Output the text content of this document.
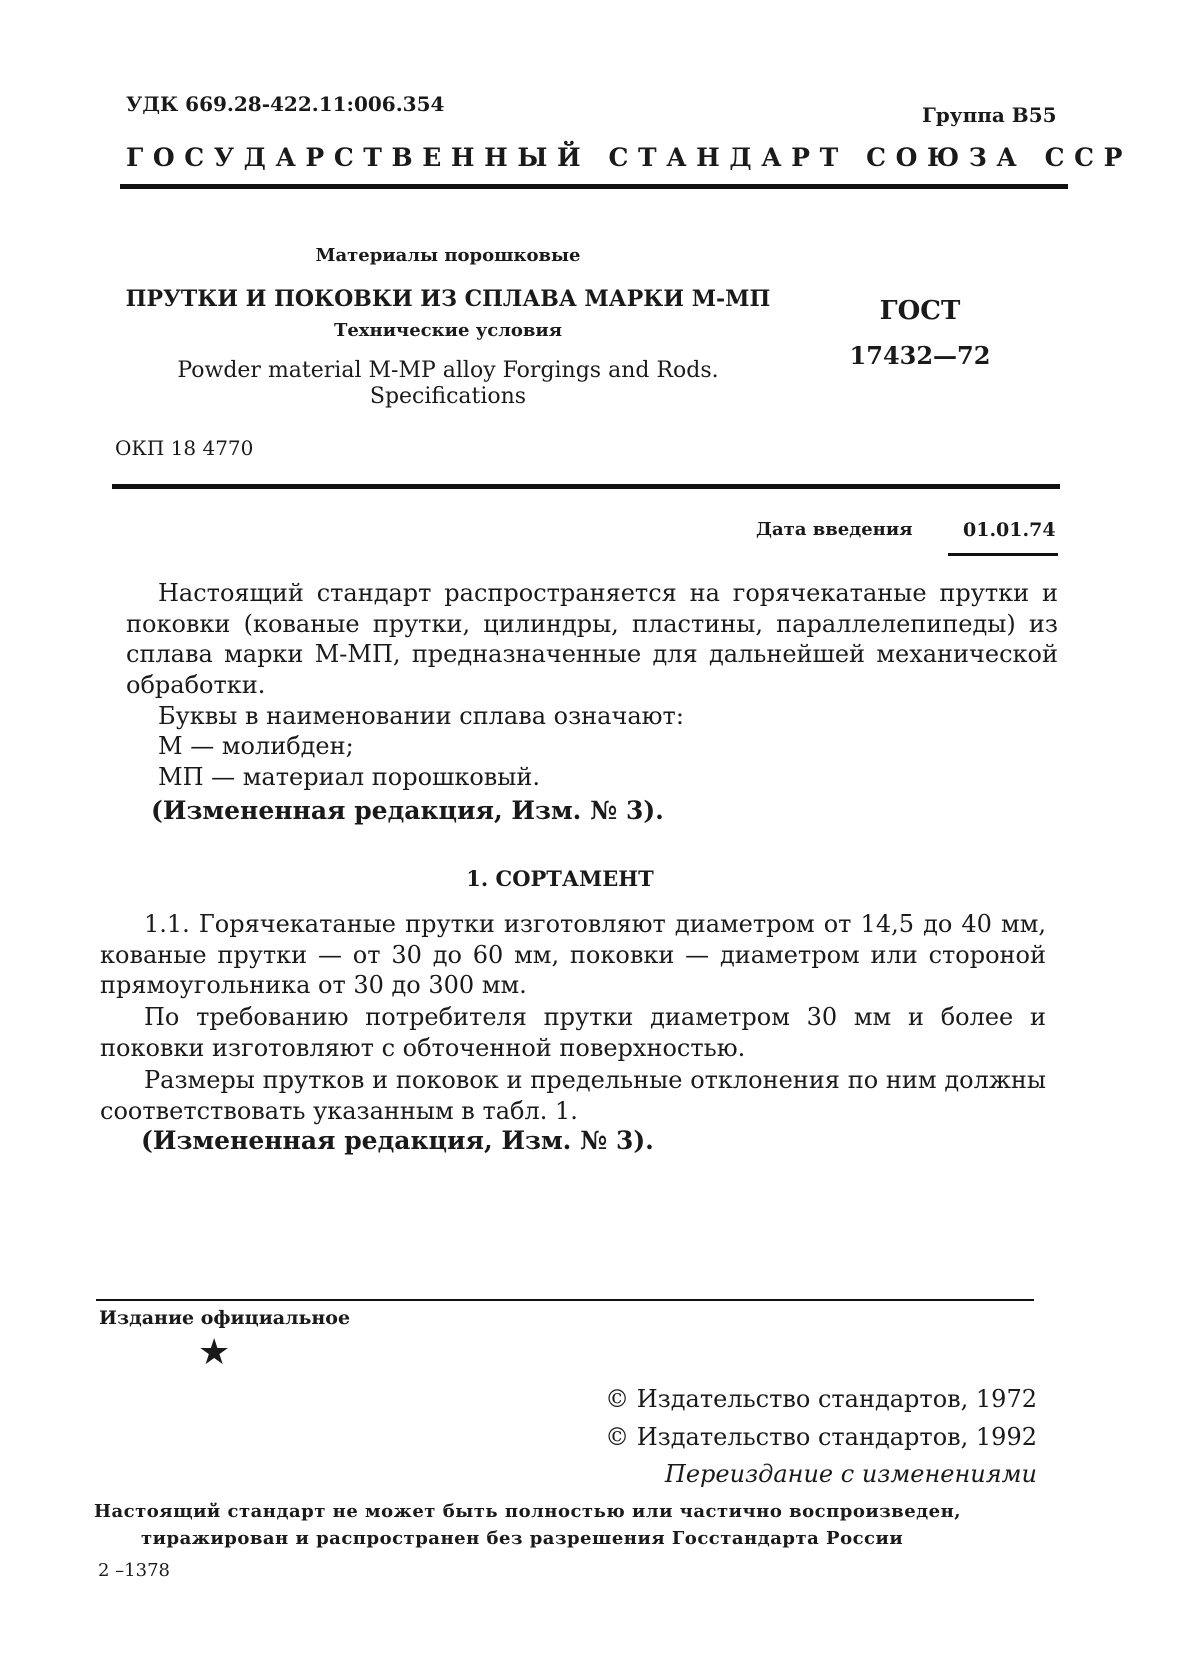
УДК 669.28-422.11:006.354	Группа В55
ГОСУДАРСТВЕННЫЙ СТАНДАРТ СОЮЗА ССР
Материалы порошковые
ПРУТКИ И ПОКОВКИ ИЗ СПЛАВА МАРКИ М-МП
Технические условия
Powder material M-MP alloy Forgings and Rods.
Specifications
ГОСТ
17432—72
ОКП 18 4770
Дата введения	01.01.74
Настоящий стандарт распространяется на горячекатаные прутки и поковки (кованые прутки, цилиндры, пластины, параллелепипеды) из сплава марки М-МП, предназначенные для дальнейшей механической обработки.
Буквы в наименовании сплава означают:
М — молибден;
МП — материал порошковый.
(Измененная редакция, Изм. № 3).
1. СОРТАМЕНТ
1.1. Горячекатаные прутки изготовляют диаметром от 14,5 до 40 мм, кованые прутки — от 30 до 60 мм, поковки — диаметром или стороной прямоугольника от 30 до 300 мм.
По требованию потребителя прутки диаметром 30 мм и более и поковки изготовляют с обточенной поверхностью.
Размеры прутков и поковок и предельные отклонения по ним должны соответствовать указанным в табл. 1.
(Измененная редакция, Изм. № 3).
Издание официальное
★
© Издательство стандартов, 1972
© Издательство стандартов, 1992
Переиздание с изменениями
Настоящий стандарт не может быть полностью или частично воспроизведен,
тиражирован и распространен без разрешения Госстандарта России
2 –1378
